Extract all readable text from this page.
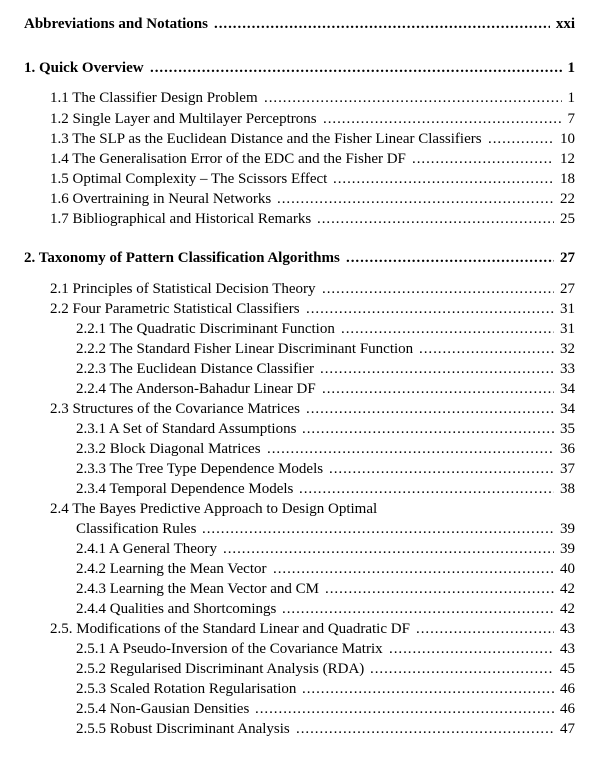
Abbreviations and Notations	xxi
. . .
1. Quick Overview	1
. . .
1.1 The Classifier Design Problem	1
. . .
1.2 Single Layer and Multilayer Perceptrons	7
. . .
1.3 The SLP as the Euclidean Distance and the Fisher Linear Classifiers	10
. . .
1.4 The Generalisation Error of the EDC and the Fisher DF	12
. . .
1.5 Optimal Complexity – The Scissors Effect	18
. . .
1.6 Overtraining in Neural Networks	22
. . .
1.7 Bibliographical and Historical Remarks	25
. . .
2. Taxonomy of Pattern Classification Algorithms	27
. . .
2.1 Principles of Statistical Decision Theory	27
. . .
2.2 Four Parametric Statistical Classifiers	31
. . .
2.2.1 The Quadratic Discriminant Function	31
. . .
2.2.2 The Standard Fisher Linear Discriminant Function	32
. . .
2.2.3 The Euclidean Distance Classifier	33
. . .
2.2.4 The Anderson-Bahadur Linear DF	34
. . .
2.3 Structures of the Covariance Matrices	34
. . .
2.3.1 A Set of Standard Assumptions	35
. . .
2.3.2 Block Diagonal Matrices	36
. . .
2.3.3 The Tree Type Dependence Models	37
. . .
2.3.4 Temporal Dependence Models	38
. . .
2.4 The Bayes Predictive Approach to Design Optimal
Classification Rules	39
. . .
2.4.1 A General Theory	39
. . .
2.4.2 Learning the Mean Vector	40
. . .
2.4.3 Learning the Mean Vector and CM	42
. . .
2.4.4 Qualities and Shortcomings	42
. . .
2.5. Modifications of the Standard Linear and Quadratic DF	43
. . .
2.5.1 A Pseudo-Inversion of the Covariance Matrix	43
. . .
2.5.2 Regularised Discriminant Analysis (RDA)	45
. . .
2.5.3 Scaled Rotation Regularisation	46
. . .
2.5.4 Non-Gausian Densities	46
. . .
2.5.5 Robust Discriminant Analysis	47
. . .
